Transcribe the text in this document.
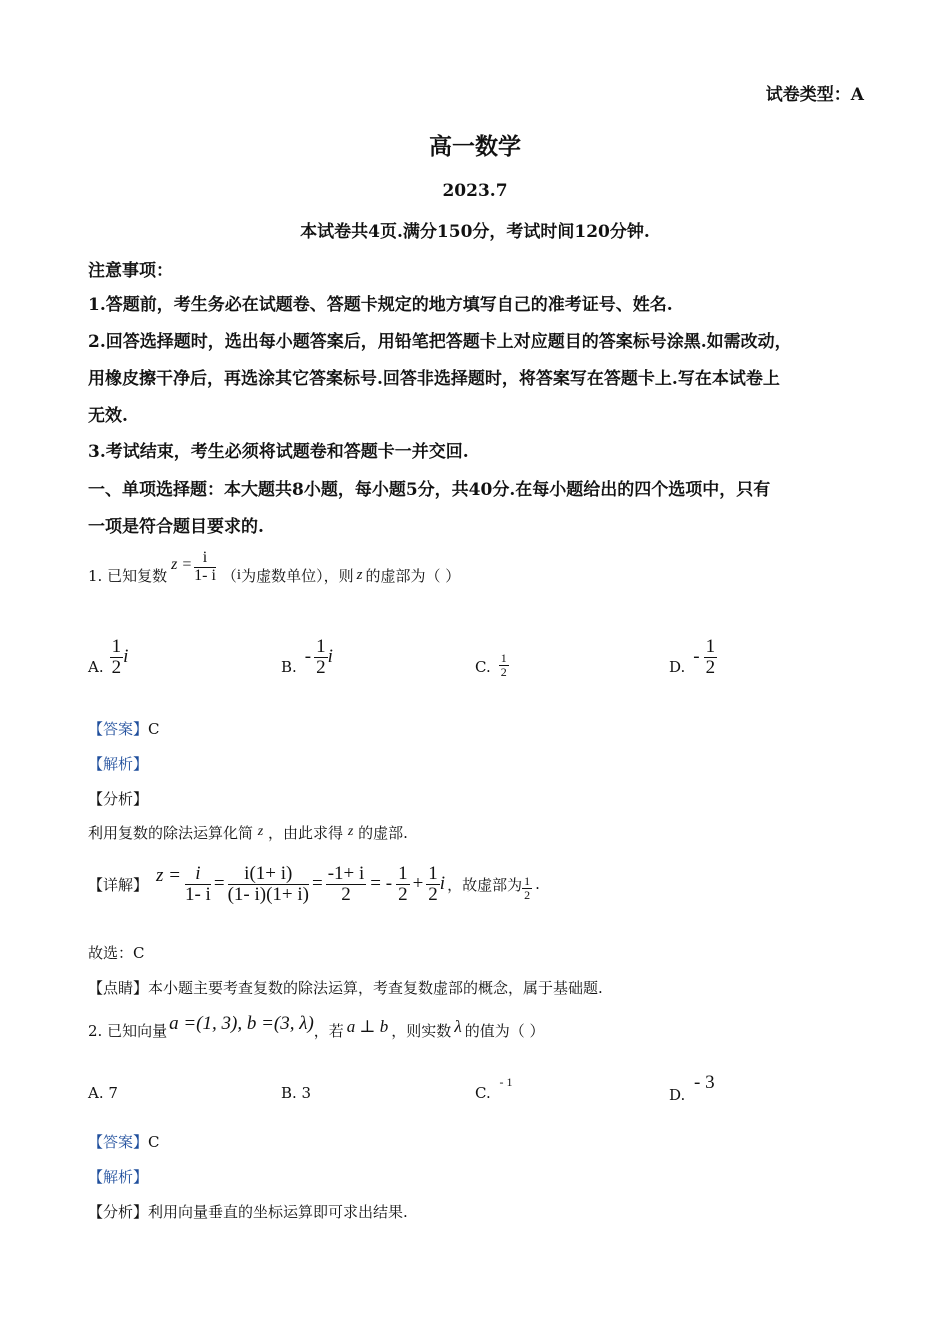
试卷类型：A
高一数学
2023.7
本试卷共4页.满分150分，考试时间120分钟.
注意事项：
1.答题前，考生务必在试题卷、答题卡规定的地方填写自己的准考证号、姓名.
2.回答选择题时，选出每小题答案后，用铅笔把答题卡上对应题目的答案标号涂黑.如需改动，
用橡皮擦干净后，再选涂其它答案标号.回答非选择题时，将答案写在答题卡上.写在本试卷上
无效.
3.考试结束，考生必须将试题卷和答题卡一并交回.
一、单项选择题：本大题共8小题，每小题5分，共40分.在每小题给出的四个选项中，只有
一项是符合题目要求的.
1. 已知复数
$z = \frac{i}{1- i}$ （ i 为虚数单位），则 z 的虚部为（ ）
A. $\frac{1}{2}$ i	B. - $\frac{1}{2}$ i	C. $\frac{1}{2}$	D. - $\frac{1}{2}$
【答案】C
【解析】
【分析】
利用复数的除法运算化简 z ，由此求得 z 的虚部.
【详解】 $z = \frac{i}{1- i} = \frac{i(1+ i)}{(1- i)(1+ i)} = \frac{-1+ i}{2}$ = - $\frac{1}{2} + \frac{1}{2}$ i ，故虚部为 $\frac{1}{2}$ .
故选：C
【点睛】本小题主要考查复数的除法运算，考查复数虚部的概念，属于基础题.
2. 已知向量 a =(1, 3), b =(3, λ) ，若 a ⊥ b ，则实数 λ 的值为（ ）
A. 7	B. 3	C. $^{- 1}$
D. - 3
【答案】C
【解析】
【分析】利用向量垂直的坐标运算即可求出结果.
